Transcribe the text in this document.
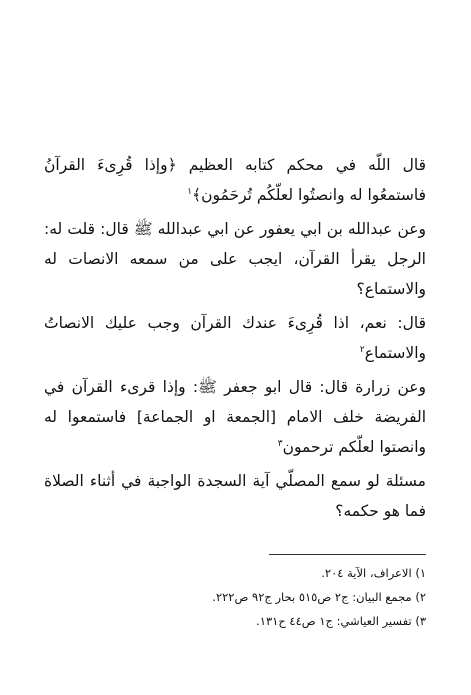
قال اللّه في محكم كتابه العظيم ﴿وإذا قُرِىءَ القرآنُ فاستمعُوا له وانصتُوا لعلّكُم تُرحَمُون﴾$^١$

وعن عبدالله بن ابي يعفور عن ابي عبدالله ﷺ قال: قلت له: الرجل يقرأ القرآن، ايجب على من سمعه الانصات له والاستماع؟

قال: نعم، اذا قُرِىءَ عندك القرآن وجب عليك الانصاتُ والاستماع$^٢$

وعن زرارة قال: قال ابو جعفر ﷺ: وإذا قرىء القرآن في الفريضة خلف الامام [الجمعة او الجماعة] فاستمعوا له وانصتوا لعلّكم ترحمون$^٣$

مسئلة لو سمع المصلّي آية السجدة الواجبة في أثناء الصلاة فما هو حكمه؟

١) الاعراف، الآية ٢٠٤.

٢) مجمع البيان: ج٢ ص٥١٥ بحار ج٩٢ ص٢٢٢.

٣) تفسير العياشي: ج١ ص٤٤ ح١٣١.
